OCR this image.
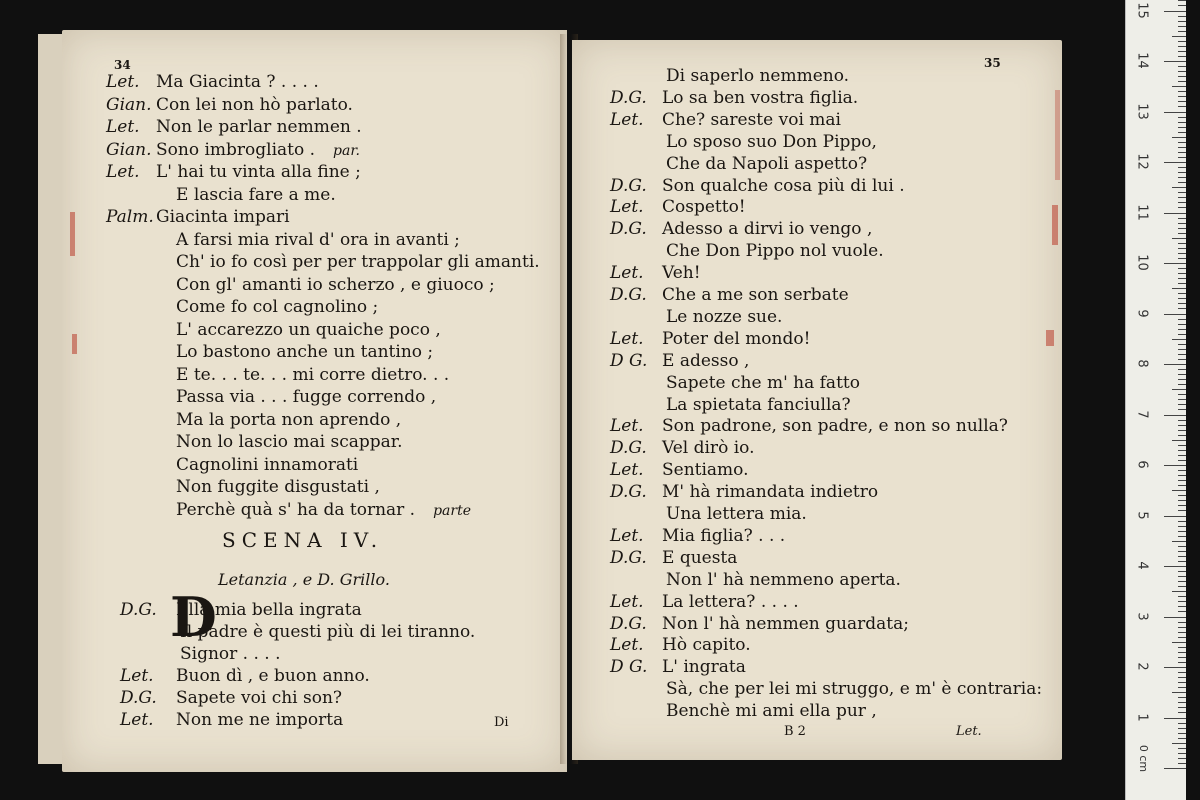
34
Let. Ma Giacinta ? . . . .
Gian. Con lei non hò parlato.
Let. Non le parlar nemmen .
Gian. Sono imbrogliato . par.
Let. L' hai tu vinta alla fine ;
E lascia fare a me.
Palm. Giacinta impari
A farsi mia rival d' ora in avanti ;
Ch' io fo così per per trappolar gli amanti.
Con gl' amanti io scherzo , e giuoco ;
Come fo col cagnolino ;
L' accarezzo un quaiche poco ,
Lo bastono anche un tantino ;
E te. . . te. . . mi corre dietro. . .
Passa via . . . fugge correndo ,
Ma la porta non aprendo ,
Non lo lascio mai scappar.
Cagnolini innamorati
Non fuggite disgustati ,
Perchè quà s' ha da tornar . parte
SCENA IV.
Letanzia , e D. Grillo.
D
D.G. Ella mia bella ingrata
Il padre è questi più di lei tiranno.
Signor . . . .
Let. Buon dì , e buon anno.
D.G. Sapete voi chi son?
Let. Non me ne importa	Di
35
Di saperlo nemmeno.
D.G. Lo sa ben vostra figlia.
Let. Che? sareste voi mai
Lo sposo suo Don Pippo,
Che da Napoli aspetto?
D.G. Son qualche cosa più di lui .
Let. Cospetto!
D.G. Adesso a dirvi io vengo ,
Che Don Pippo nol vuole.
Let. Veh!
D.G. Che a me son serbate
Le nozze sue.
Let. Poter del mondo!
D G. E adesso ,
Sapete che m' ha fatto
La spietata fanciulla?
Let. Son padrone, son padre, e non so nulla?
D.G. Vel dirò io.
Let. Sentiamo.
D.G. M' hà rimandata indietro
Una lettera mia.
Let. Mia figlia? . . .
D.G. E questa
Non l' hà nemmeno aperta.
Let. La lettera? . . . .
D.G. Non l' hà nemmen guardata;
Let. Hò capito.
D G. L' ingrata
Sà, che per lei mi struggo, e m' è contraria:
Benchè mi ami ella pur ,
B 2	Let.
1
2
3
4
5
6
7
8
9
10
11
12
13
14
15
0 cm
